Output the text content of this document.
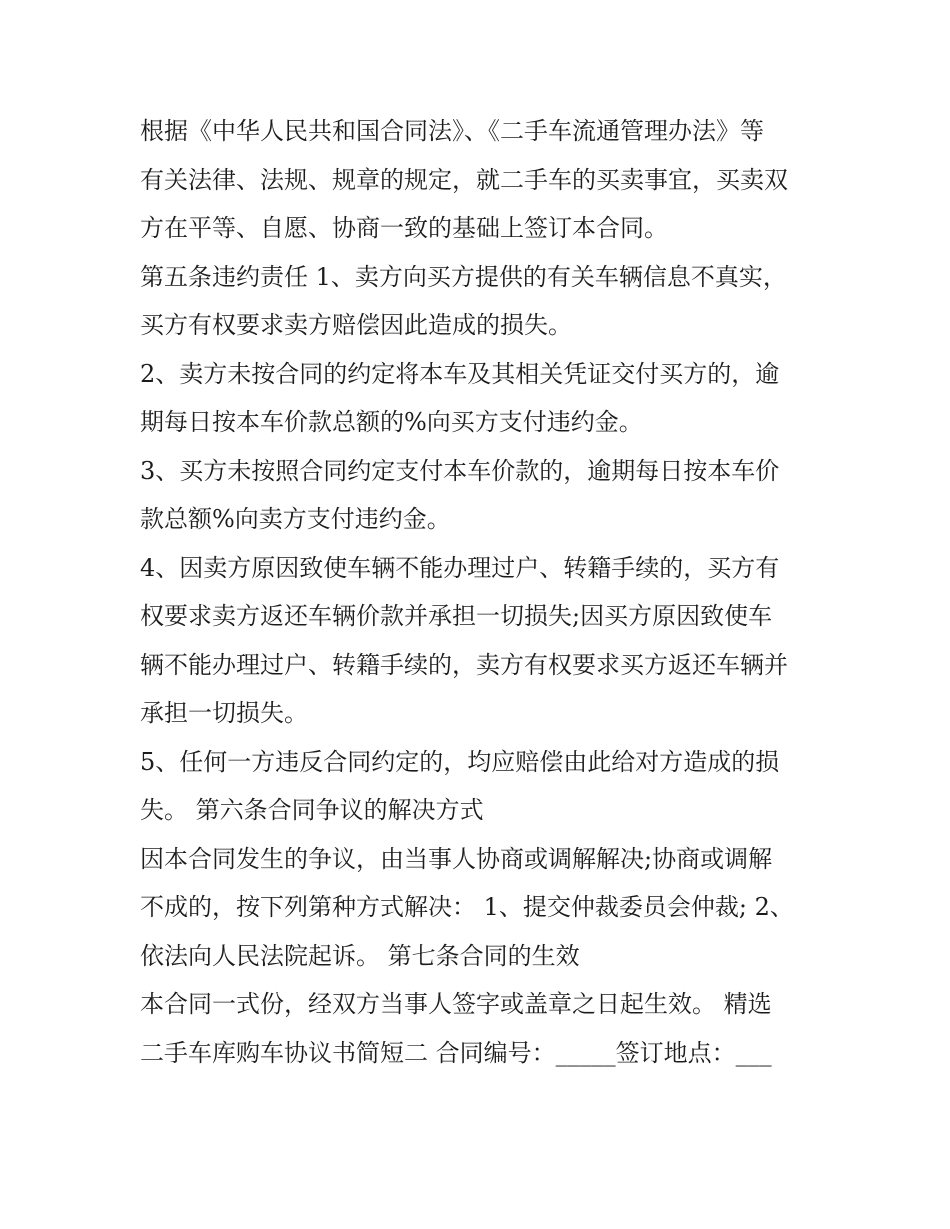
根据《中华人民共和国合同法》、《二手车流通管理办法》等
有关法律、法规、规章的规定，就二手车的买卖事宜，买卖双
方在平等、自愿、协商一致的基础上签订本合同。
第五条违约责任 1、卖方向买方提供的有关车辆信息不真实，
买方有权要求卖方赔偿因此造成的损失。
2、卖方未按合同的约定将本车及其相关凭证交付买方的，逾
期每日按本车价款总额的%向买方支付违约金。
3、买方未按照合同约定支付本车价款的，逾期每日按本车价
款总额%向卖方支付违约金。
4、因卖方原因致使车辆不能办理过户、转籍手续的，买方有
权要求卖方返还车辆价款并承担一切损失;因买方原因致使车
辆不能办理过户、转籍手续的，卖方有权要求买方返还车辆并
承担一切损失。
5、任何一方违反合同约定的，均应赔偿由此给对方造成的损
失。 第六条合同争议的解决方式
因本合同发生的争议，由当事人协商或调解解决;协商或调解
不成的，按下列第种方式解决： 1、提交仲裁委员会仲裁; 2、
依法向人民法院起诉。 第七条合同的生效
本合同一式份，经双方当事人签字或盖章之日起生效。 精选
二手车库购车协议书简短二 合同编号：_____签订地点：___
